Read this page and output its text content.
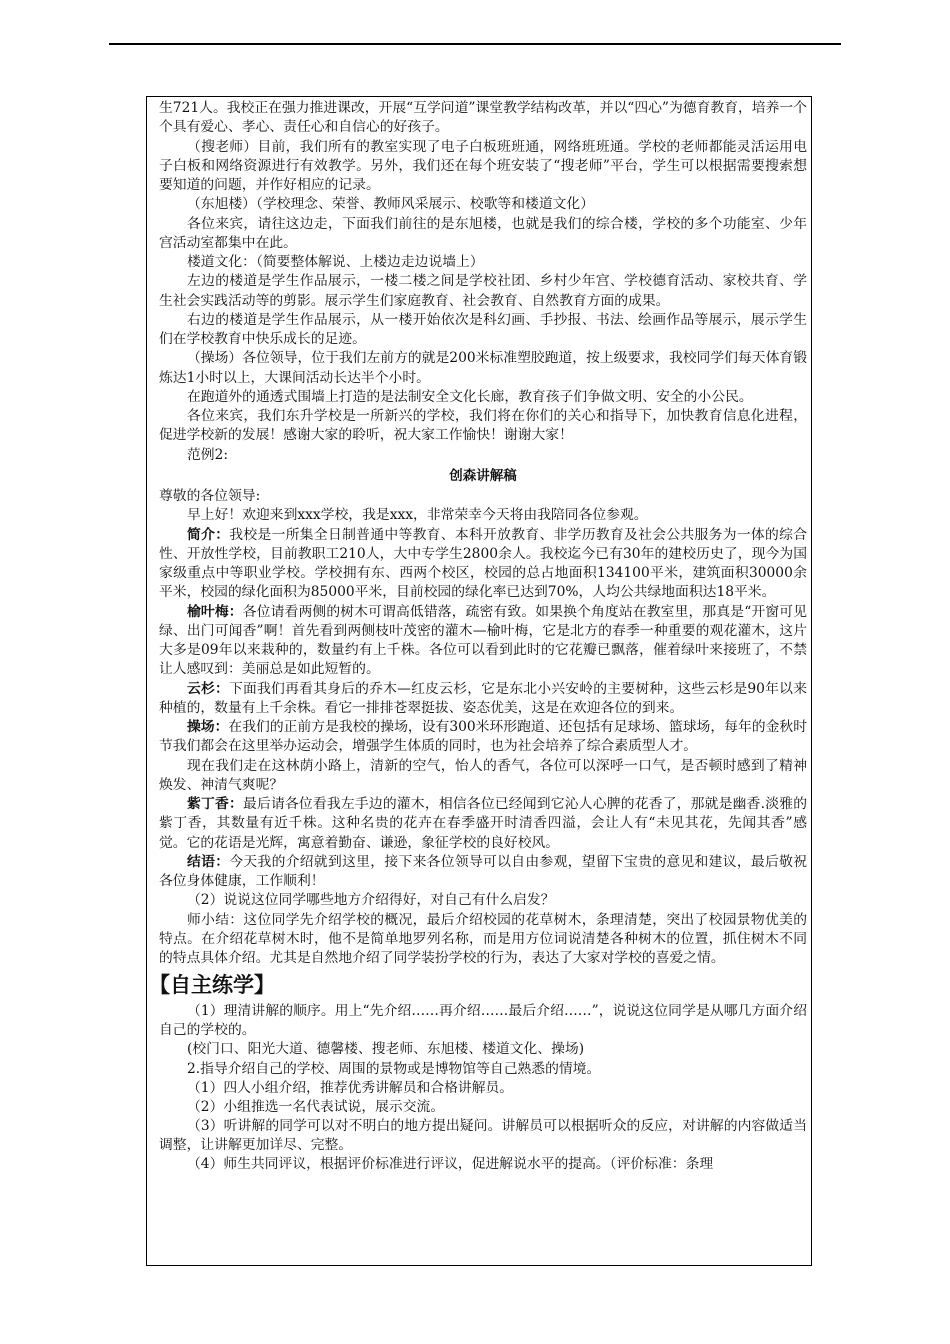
生721人。我校正在强力推进课改，开展“互学问道”课堂教学结构改革，并以“四心”为德育教育，培养一个个具有爱心、孝心、责任心和自信心的好孩子。

（搜老师）目前，我们所有的教室实现了电子白板班班通，网络班班通。学校的老师都能灵活运用电子白板和网络资源进行有效教学。另外，我们还在每个班安装了“搜老师”平台，学生可以根据需要搜索想要知道的问题，并作好相应的记录。

（东旭楼）（学校理念、荣誉、教师风采展示、校歌等和楼道文化）

各位来宾，请往这边走，下面我们前往的是东旭楼，也就是我们的综合楼，学校的多个功能室、少年宫活动室都集中在此。

楼道文化：（简要整体解说、上楼边走边说墙上）

左边的楼道是学生作品展示，一楼二楼之间是学校社团、乡村少年宫、学校德育活动、家校共育、学生社会实践活动等的剪影。展示学生们家庭教育、社会教育、自然教育方面的成果。

右边的楼道是学生作品展示，从一楼开始依次是科幻画、手抄报、书法、绘画作品等展示，展示学生们在学校教育中快乐成长的足迹。

（操场）各位领导，位于我们左前方的就是200米标准塑胶跑道，按上级要求，我校同学们每天体育锻炼达1小时以上，大课间活动长达半个小时。

在跑道外的通透式围墙上打造的是法制安全文化长廊，教育孩子们争做文明、安全的小公民。

各位来宾，我们东升学校是一所新兴的学校，我们将在你们的关心和指导下，加快教育信息化进程，促进学校新的发展！感谢大家的聆听，祝大家工作愉快！谢谢大家！

范例2:

创森讲解稿

尊敬的各位领导:

早上好！欢迎来到xxx学校，我是xxx，非常荣幸今天将由我陪同各位参观。

简介：我校是一所集全日制普通中等教育、本科开放教育、非学历教育及社会公共服务为一体的综合性、开放性学校，目前教职工210人，大中专学生2800余人。我校迄今已有30年的建校历史了，现今为国家级重点中等职业学校。学校拥有东、西两个校区，校园的总占地面积134100平米，建筑面积30000余平米，校园的绿化面积为85000平米，目前校园的绿化率已达到70%，人均公共绿地面积达18平米。

榆叶梅：各位请看两侧的树木可谓高低错落，疏密有致。如果换个角度站在教室里，那真是“开窗可见绿、出门可闻香”啊！首先看到两侧枝叶茂密的灌木—榆叶梅，它是北方的春季一种重要的观花灌木，这片大多是09年以来栽种的，数量约有上千株。各位可以看到此时的它花瓣已飘落，催着绿叶来接班了，不禁让人感叹到：美丽总是如此短暂的。

云杉：下面我们再看其身后的乔木—红皮云杉，它是东北小兴安岭的主要树种，这些云杉是90年以来种植的，数量有上千余株。看它一排排苍翠挺拔、姿态优美，这是在欢迎各位的到来。

操场：在我们的正前方是我校的操场，设有300米环形跑道、还包括有足球场、篮球场，每年的金秋时节我们都会在这里举办运动会，增强学生体质的同时，也为社会培养了综合素质型人才。

现在我们走在这林荫小路上，清新的空气，怡人的香气，各位可以深呼一口气，是否顿时感到了精神焕发、神清气爽呢？

紫丁香：最后请各位看我左手边的灌木，相信各位已经闻到它沁人心脾的花香了，那就是幽香.淡雅的紫丁香，其数量有近千株。这种名贵的花卉在春季盛开时清香四溢，会让人有“未见其花，先闻其香”感觉。它的花语是光辉，寓意着勤奋、谦逊，象征学校的良好校风。

结语：今天我的介绍就到这里，接下来各位领导可以自由参观，望留下宝贵的意见和建议，最后敬祝各位身体健康，工作顺利！

（2）说说这位同学哪些地方介绍得好，对自己有什么启发？

师小结：这位同学先介绍学校的概况，最后介绍校园的花草树木，条理清楚，突出了校园景物优美的特点。在介绍花草树木时，他不是简单地罗列名称，而是用方位词说清楚各种树木的位置，抓住树木不同的特点具体介绍。尤其是自然地介绍了同学装扮学校的行为，表达了大家对学校的喜爱之情。

【自主练学】

（1）理清讲解的顺序。用上“先介绍……再介绍……最后介绍……”，说说这位同学是从哪几方面介绍自己的学校的。

(校门口、阳光大道、德馨楼、搜老师、东旭楼、楼道文化、操场)

2.指导介绍自己的学校、周围的景物或是博物馆等自己熟悉的情境。

（1）四人小组介绍，推荐优秀讲解员和合格讲解员。

（2）小组推选一名代表试说，展示交流。

（3）听讲解的同学可以对不明白的地方提出疑问。讲解员可以根据听众的反应，对讲解的内容做适当调整，让讲解更加详尽、完整。

（4）师生共同评议，根据评价标准进行评议，促进解说水平的提高。（评价标准：条理
